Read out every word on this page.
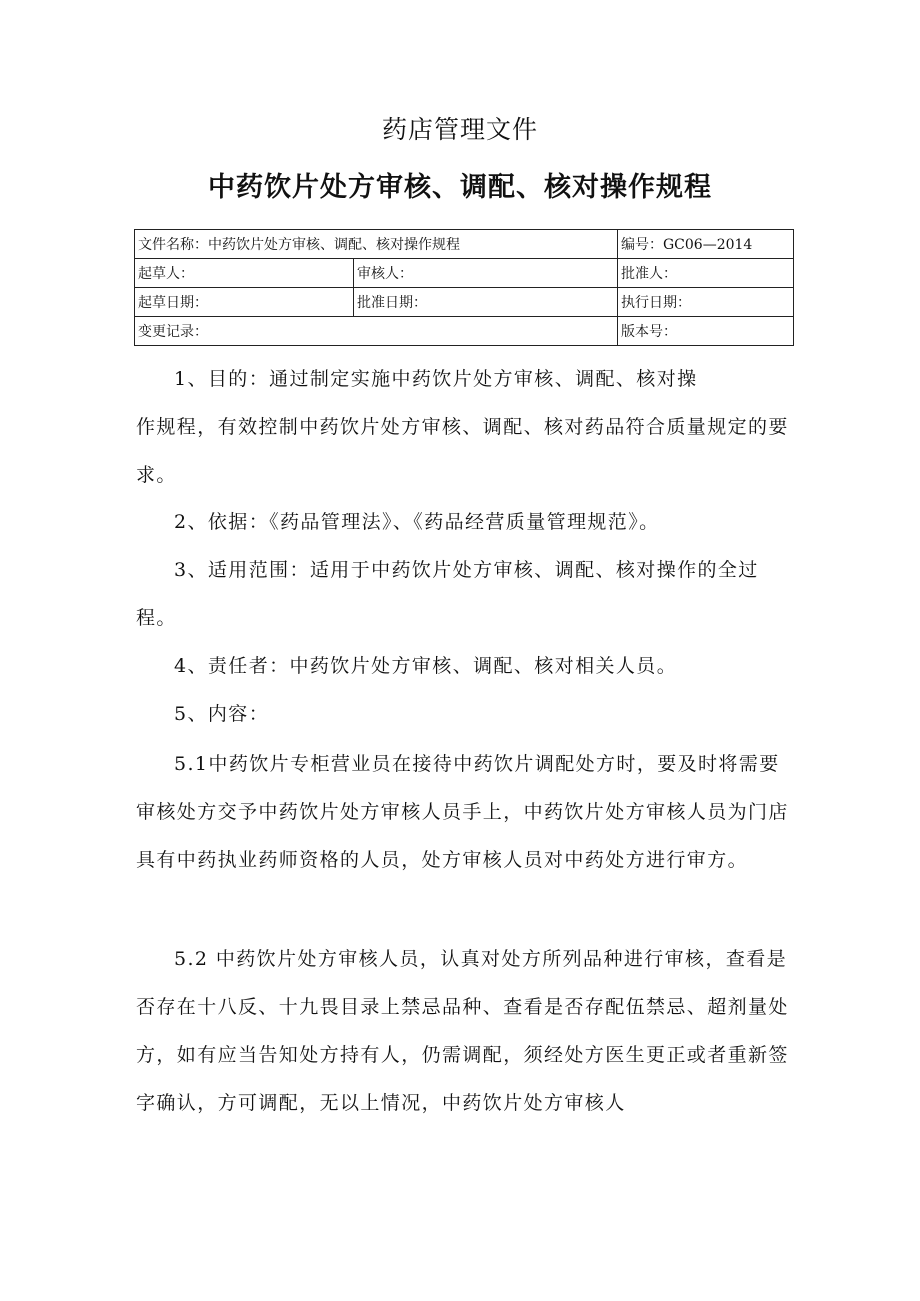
药店管理文件
中药饮片处方审核、调配、核对操作规程
文件名称：中药饮片处方审核、调配、核对操作规程		编号：GC06—2014
起草人：	审核人：	批准人：
起草日期：	批准日期：	执行日期：
变更记录：		版本号：
1、目的：通过制定实施中药饮片处方审核、调配、核对操
作规程，有效控制中药饮片处方审核、调配、核对药品符合质量规定的要求。

2、依据：《药品管理法》、《药品经营质量管理规范》。

3、适用范围：适用于中药饮片处方审核、调配、核对操作的全过程。

4、责任者：中药饮片处方审核、调配、核对相关人员。

5、内容：

5.1中药饮片专柜营业员在接待中药饮片调配处方时，要及时将需要审核处方交予中药饮片处方审核人员手上，中药饮片处方审核人员为门店具有中药执业药师资格的人员，处方审核人员对中药处方进行审方。

5.2 中药饮片处方审核人员，认真对处方所列品种进行审核，查看是否存在十八反、十九畏目录上禁忌品种、查看是否存配伍禁忌、超剂量处方，如有应当告知处方持有人，仍需调配，须经处方医生更正或者重新签字确认，方可调配，无以上情况，中药饮片处方审核人
